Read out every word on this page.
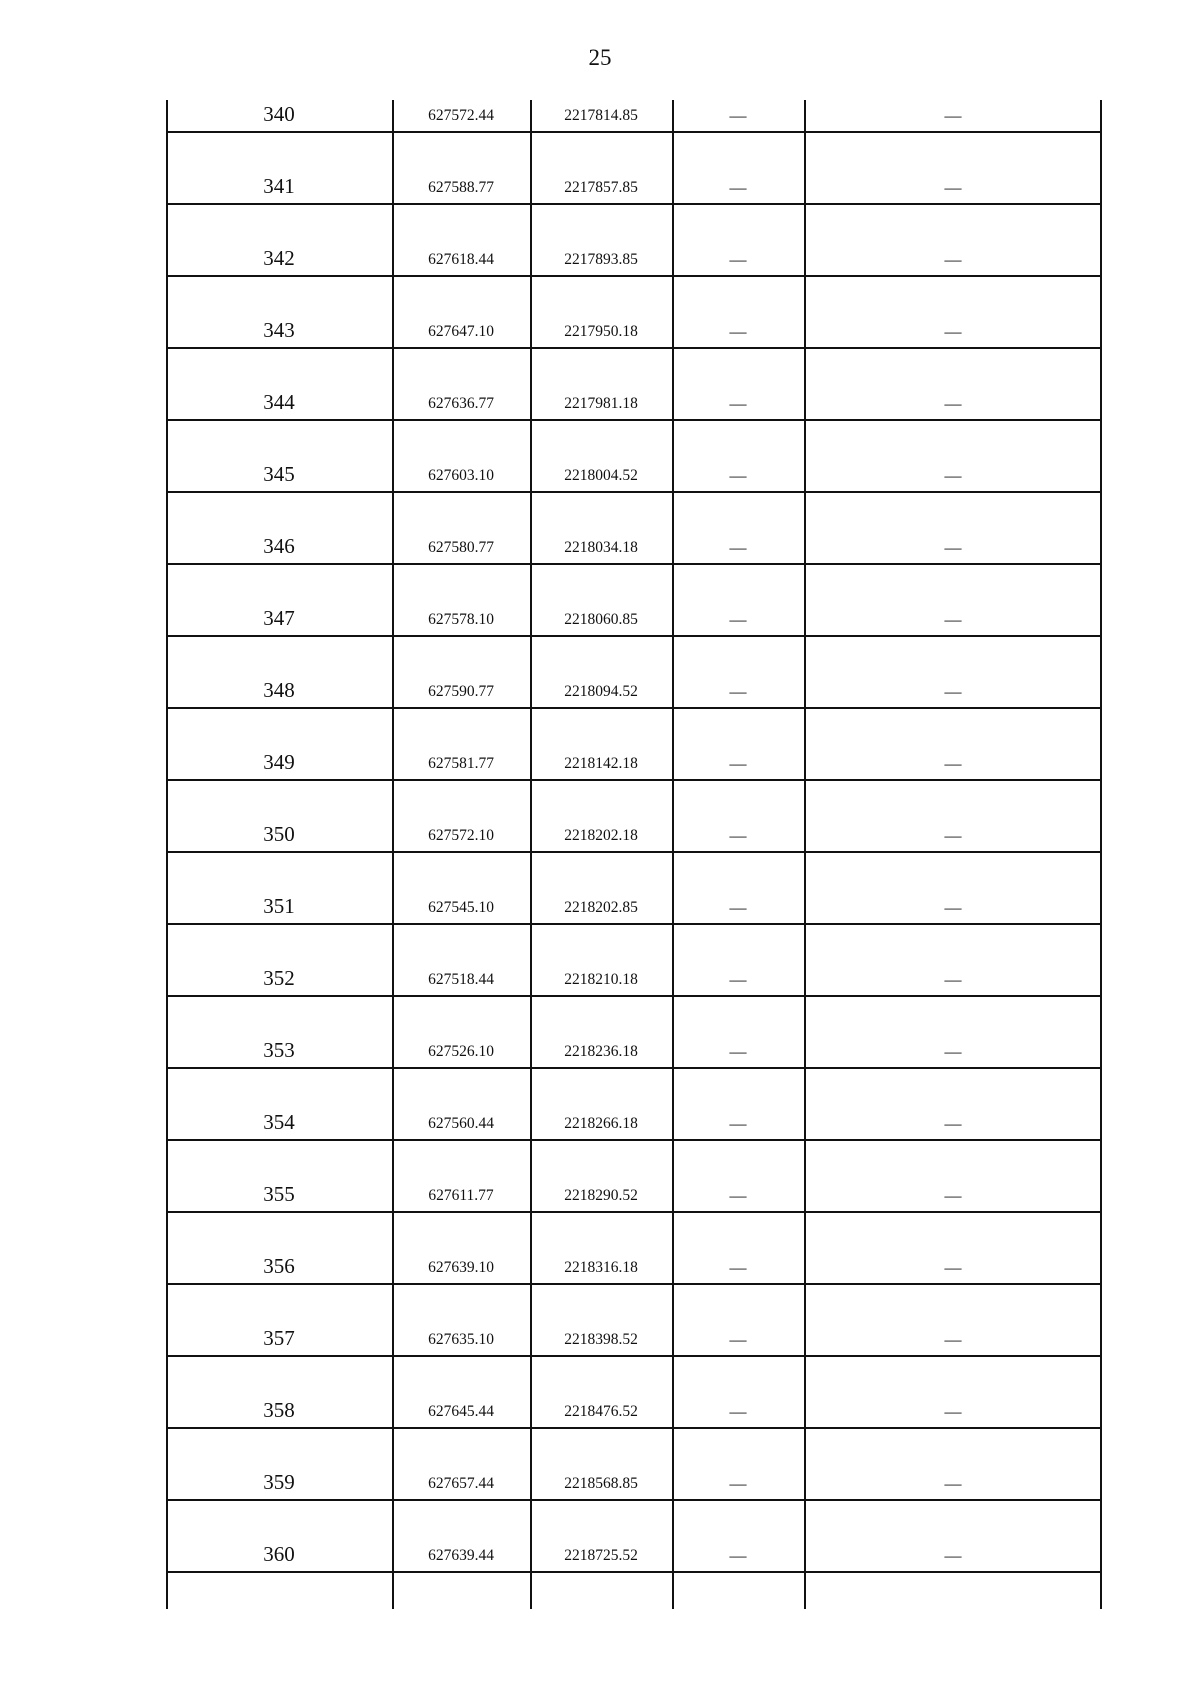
25
340	627572.44	2217814.85	—	—
341	627588.77	2217857.85	—	—
342	627618.44	2217893.85	—	—
343	627647.10	2217950.18	—	—
344	627636.77	2217981.18	—	—
345	627603.10	2218004.52	—	—
346	627580.77	2218034.18	—	—
347	627578.10	2218060.85	—	—
348	627590.77	2218094.52	—	—
349	627581.77	2218142.18	—	—
350	627572.10	2218202.18	—	—
351	627545.10	2218202.85	—	—
352	627518.44	2218210.18	—	—
353	627526.10	2218236.18	—	—
354	627560.44	2218266.18	—	—
355	627611.77	2218290.52	—	—
356	627639.10	2218316.18	—	—
357	627635.10	2218398.52	—	—
358	627645.44	2218476.52	—	—
359	627657.44	2218568.85	—	—
360	627639.44	2218725.52	—	—
